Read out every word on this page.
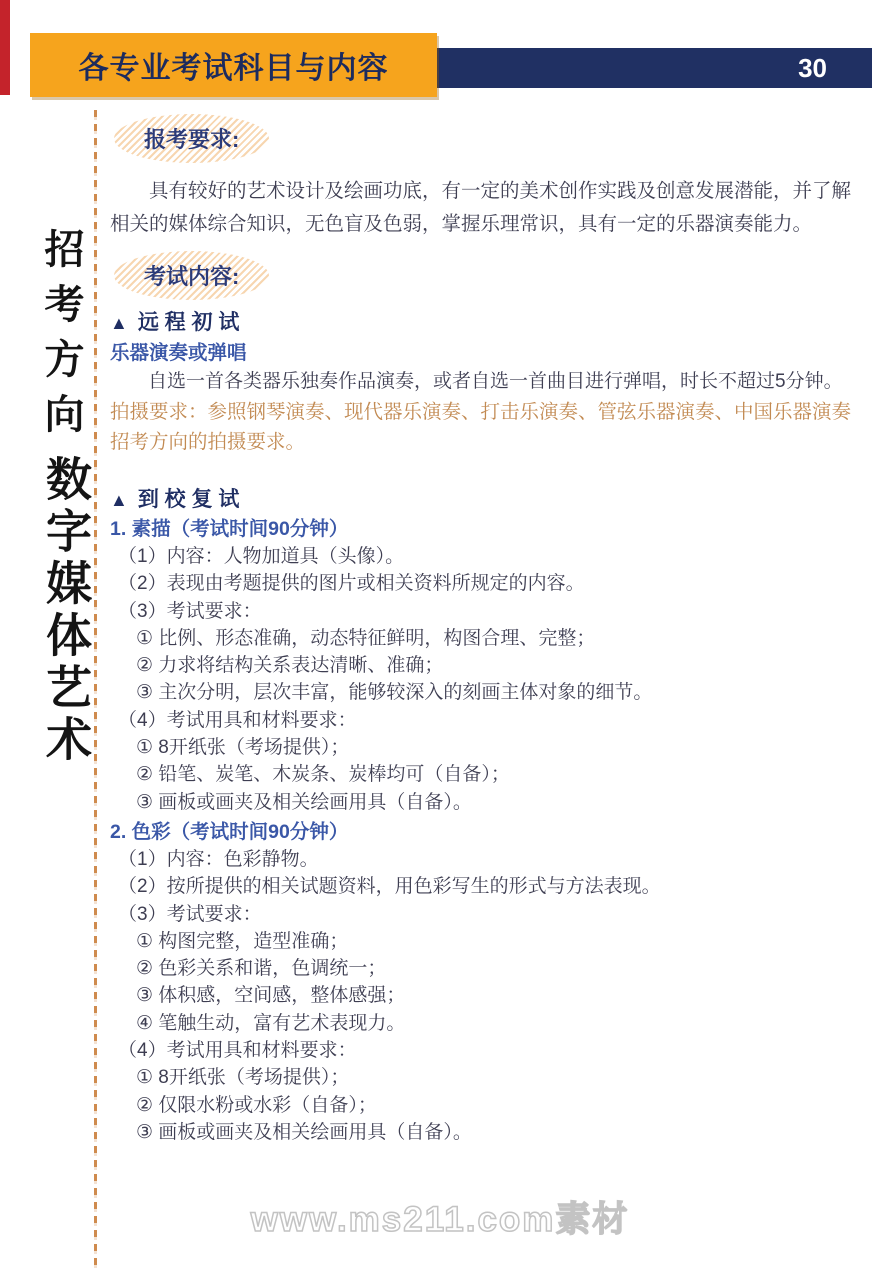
30
各专业考试科目与内容
招考方向
数字媒体艺术
报考要求:
具有较好的艺术设计及绘画功底，有一定的美术创作实践及创意发展潜能，并了解相关的媒体综合知识，无色盲及色弱，掌握乐理常识，具有一定的乐器演奏能力。
考试内容:
▲ 远 程 初 试
乐器演奏或弹唱
自选一首各类器乐独奏作品演奏，或者自选一首曲目进行弹唱，时长不超过5分钟。
拍摄要求：参照钢琴演奏、现代器乐演奏、打击乐演奏、管弦乐器演奏、中国乐器演奏招考方向的拍摄要求。
▲ 到 校 复 试
1. 素描（考试时间90分钟）
（1）内容：人物加道具（头像）。
（2）表现由考题提供的图片或相关资料所规定的内容。
（3）考试要求：
① 比例、形态准确，动态特征鲜明，构图合理、完整；
② 力求将结构关系表达清晰、准确；
③ 主次分明，层次丰富，能够较深入的刻画主体对象的细节。
（4）考试用具和材料要求：
① 8开纸张（考场提供）；
② 铅笔、炭笔、木炭条、炭棒均可（自备）；
③ 画板或画夹及相关绘画用具（自备）。
2. 色彩（考试时间90分钟）
（1）内容：色彩静物。
（2）按所提供的相关试题资料，用色彩写生的形式与方法表现。
（3）考试要求：
① 构图完整，造型准确；
② 色彩关系和谐，色调统一；
③ 体积感，空间感，整体感强；
④ 笔触生动，富有艺术表现力。
（4）考试用具和材料要求：
① 8开纸张（考场提供）；
② 仅限水粉或水彩（自备）；
③ 画板或画夹及相关绘画用具（自备）。
www.ms211.com素材
